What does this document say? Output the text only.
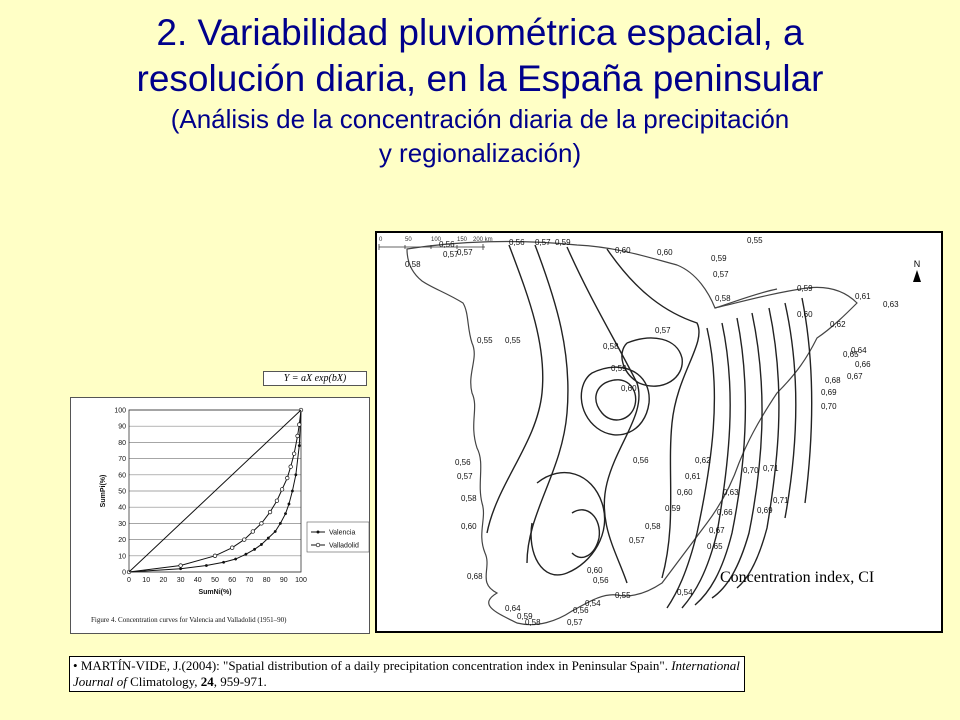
2. Variabilidad pluviométrica espacial, a
resolución diaria, en la España peninsular
(Análisis de la concentración diaria de la precipitación
y regionalización)
0,56	0,56 0,57 0,59
0,60	0,60
0,57
0,58
0,59
0,57
0,58
0,57
0,59
0,61
0,63
0,60
0,62
0,55 0,55
0,57
0,58
0,59
0,60
0,65
0,64
0,66
0,67
0,68
0,69
0,70
0,56
0,57
0,56
0,70 0,71
0,71
0,58
0,69
0,60
0,57
0,58
0,59
0,60
0,61
0,62
0,63
0,66
0,67
0,65
0,68
0,60
0,56
0,55
0,54
0,54
0,64
0,59
0,58	0,57
0,56
0,55
N
Concentration index, CI
0	50	100	150 200 km
Y = aX exp(bX)
0
10
20
30
40
50
60
70
80
90
100
0 10 20 30 40 50 60 70 80 90 100
SumNi(%)
SumPi(%)
Valencia
Valladolid
Figure 4. Concentration curves for Valencia and Valladolid (1951–90)
• MARTÍN-VIDE, J.(2004): "Spatial distribution of a daily precipitation concentration index in Peninsular Spain". International Journal of Climatology, 24, 959-971.
